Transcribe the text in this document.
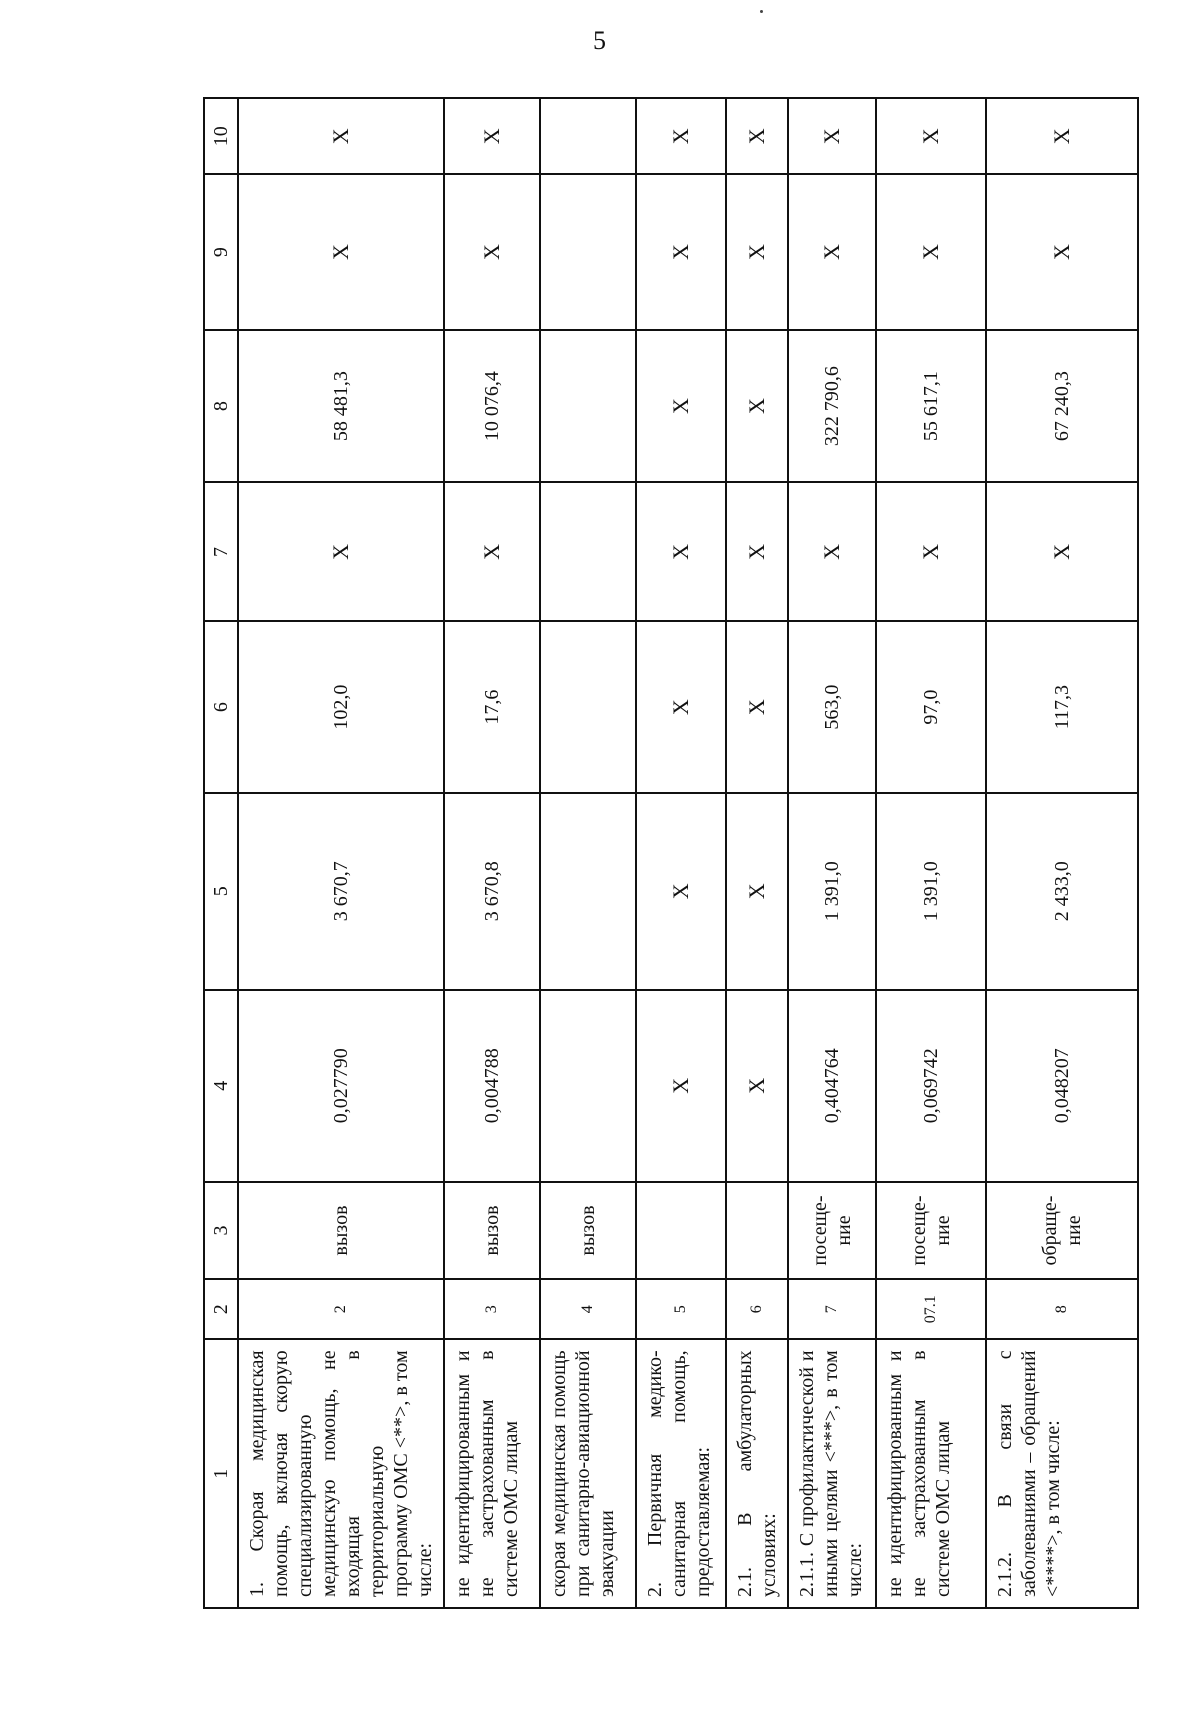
5
1	2	3	4	5	6	7	8	9	10
1. Скорая медицинская помощь, включая скорую специализированную медицинскую помощь, не входящая в территориальную программу ОМС <**>, в том числе:	2	вызов	0,027790	3 670,7	102,0	Х	58 481,3	Х	Х
не идентифицированным и не застрахованным в системе ОМС лицам	3	вызов	0,004788	3 670,8	17,6	Х	10 076,4	Х	Х
скорая медицинская помощь при санитарно-авиационной эвакуации	4	вызов							
2. Первичная медико-санитарная помощь, предоставляемая:	5		Х	Х	Х	Х	Х	Х	Х
2.1. В амбулаторных условиях:	6		Х	Х	Х	Х	Х	Х	Х
2.1.1. С профилактической и иными целями <***>, в том числе:	7	посеще-ние	0,404764	1 391,0	563,0	Х	322 790,6	Х	Х
не идентифицированным и не застрахованным в системе ОМС лицам	07.1	посеще-ние	0,069742	1 391,0	97,0	Х	55 617,1	Х	Х
2.1.2. В связи с заболеваниями – обращений <****>, в том числе:	8	обраще-ние	0,048207	2 433,0	117,3	Х	67 240,3	Х	Х
